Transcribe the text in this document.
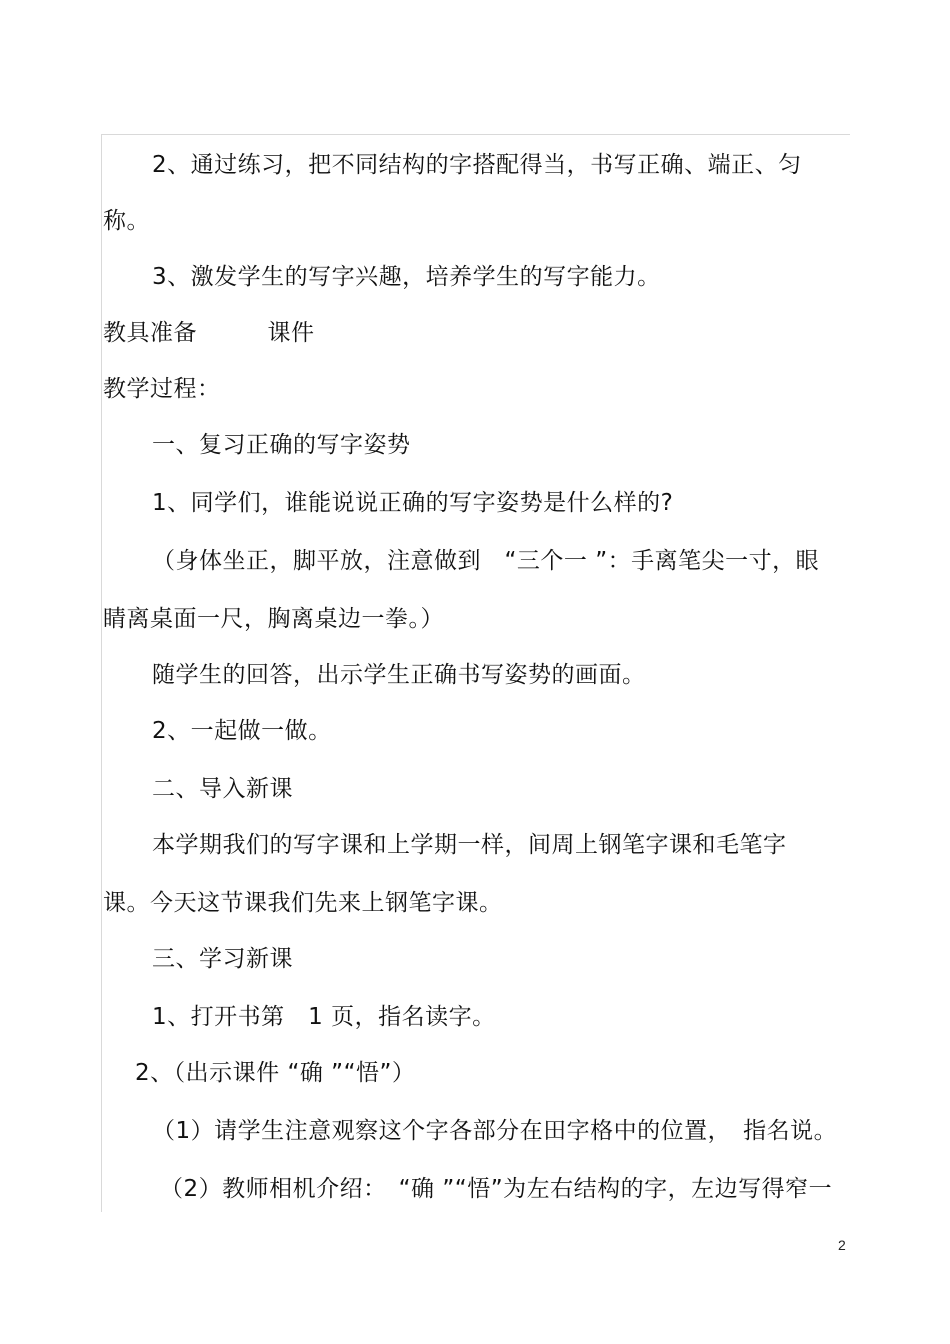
2、通过练习，把不同结构的字搭配得当，书写正确、端正、匀
称。
3、激发学生的写字兴趣，培养学生的写字能力。
教具准备　　　课件
教学过程：
一、复习正确的写字姿势
1、同学们，谁能说说正确的写字姿势是什么样的?
（身体坐正，脚平放，注意做到　“三个一 ”：手离笔尖一寸，眼
睛离桌面一尺，胸离桌边一拳。）
随学生的回答，出示学生正确书写姿势的画面。
2、一起做一做。
二、导入新课
本学期我们的写字课和上学期一样，间周上钢笔字课和毛笔字
课。今天这节课我们先来上钢笔字课。
三、学习新课
1、打开书第　1 页，指名读字。
2、（出示课件 “确 ”“悟”）
（1）请学生注意观察这个字各部分在田字格中的位置，　指名说。
（2）教师相机介绍：　“确 ”“悟”为左右结构的字，左边写得窄一
2
